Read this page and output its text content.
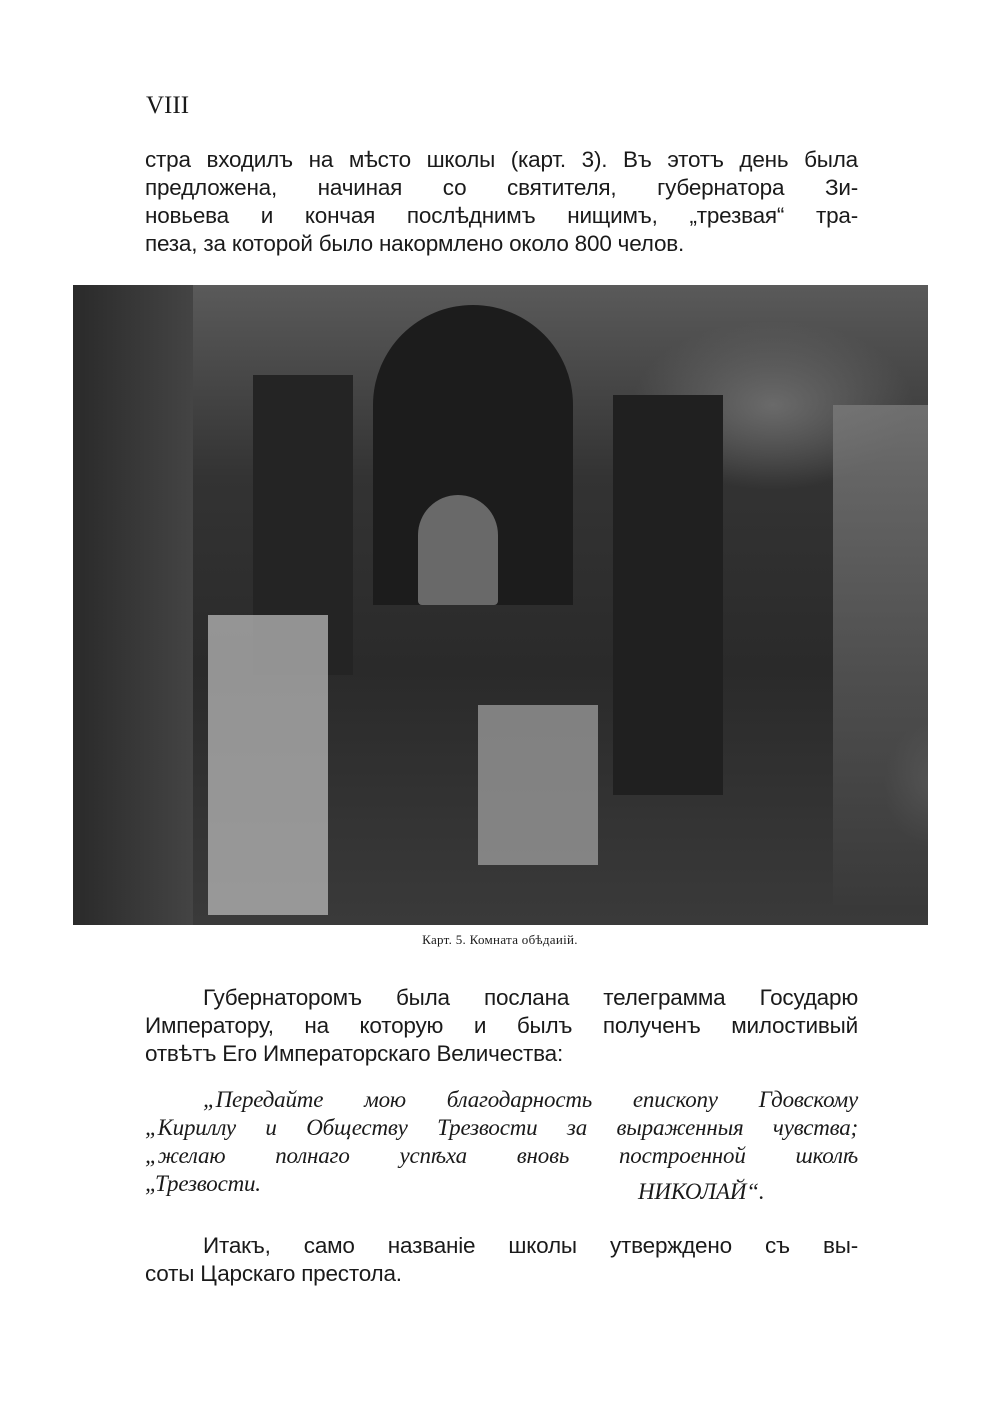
VIII
стра входилъ на мѣсто школы (карт. 3). Въ этотъ день была
предложена, начиная со святителя, губернатора Зи-
новьева и кончая послѣднимъ нищимъ, „трезвая“ тра-
пеза, за которой было накормлено около 800 челов.
Карт. 5. Комната обѣдаиій.
Губернаторомъ была послана телеграмма Государю
Императору, на которую и былъ полученъ милостивый
отвѣтъ Его Императорскаго Величества:
„Передайте мою благодарность епископу Гдовскому
„Кириллу и Обществу Трезвости за выраженныя чувства;
„желаю полнаго успѣха вновь построенной школѣ
„Трезвости.	НИКОЛАЙ“.
Итакъ, само названіе школы утверждено съ вы-
соты Царскаго престола.
